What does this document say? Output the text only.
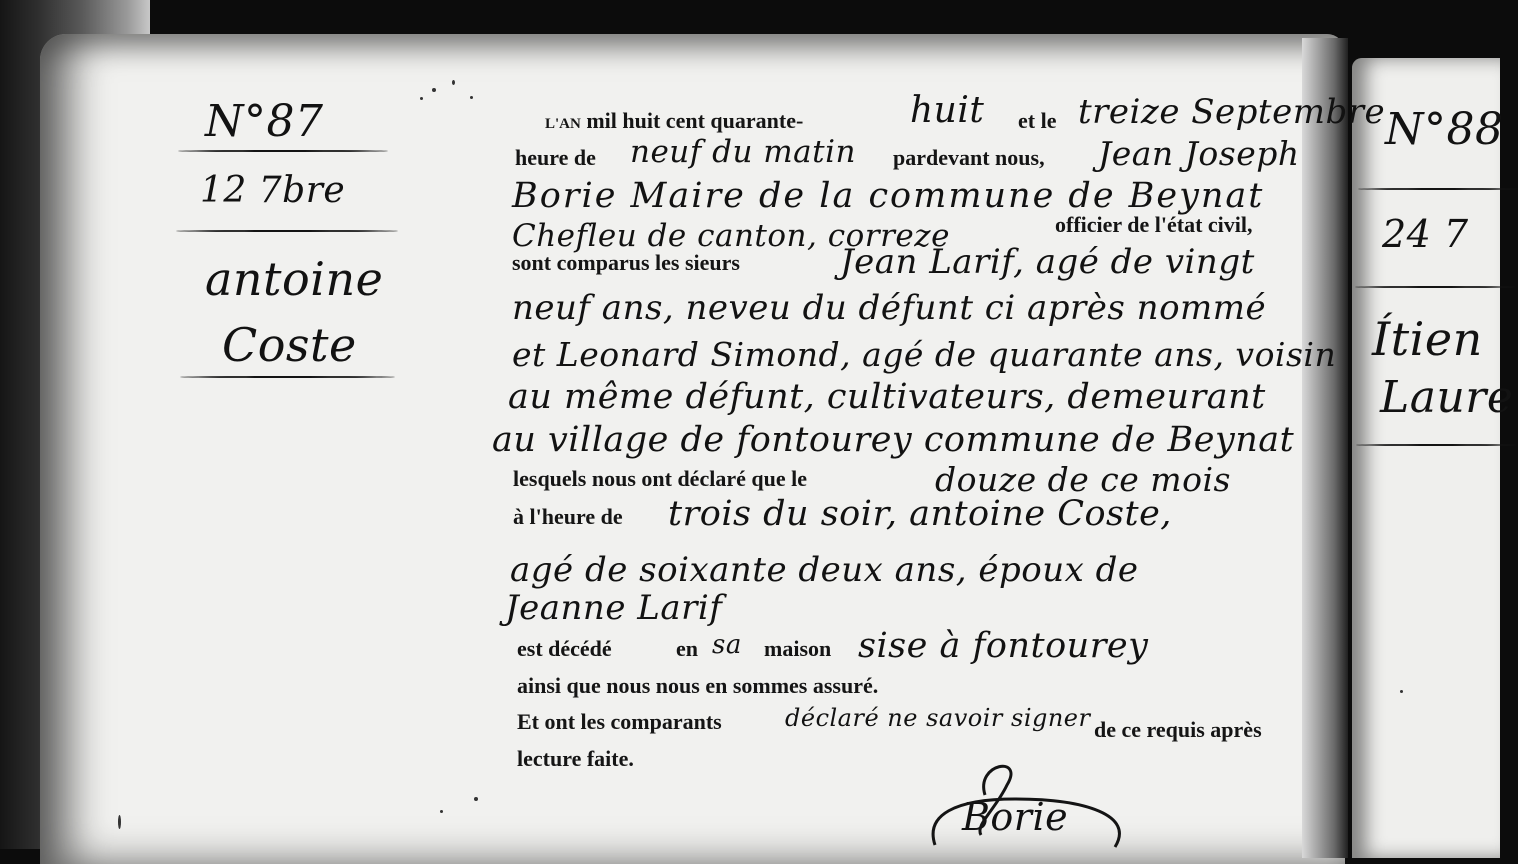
N°87
12 7bre
antoine
Coste
L'AN mil huit cent quarante-	huit et le treize Septembre
heure de neuf du matin pardevant nous, Jean Joseph
Borie Maire de la commune de Beynat
Chefleu de canton, correze	officier de l'état civil,
sont comparus les sieurs	Jean Larif, agé de vingt
neuf ans, neveu du défunt ci après nommé
et Leonard Simond, agé de quarante ans, voisin
au même défunt, cultivateurs, demeurant
au village de fontourey commune de Beynat
lesquels nous ont déclaré que le	douze de ce mois
à l'heure de trois du soir, antoine Coste,
agé de soixante deux ans, époux de
Jeanne Larif
est décédé	en sa maison sise à fontourey
ainsi que nous nous en sommes assuré.
Et ont les comparants	déclaré ne savoir signer de ce requis après
lecture faite.
Borie
N°88
24 7
Ítien
Laure
